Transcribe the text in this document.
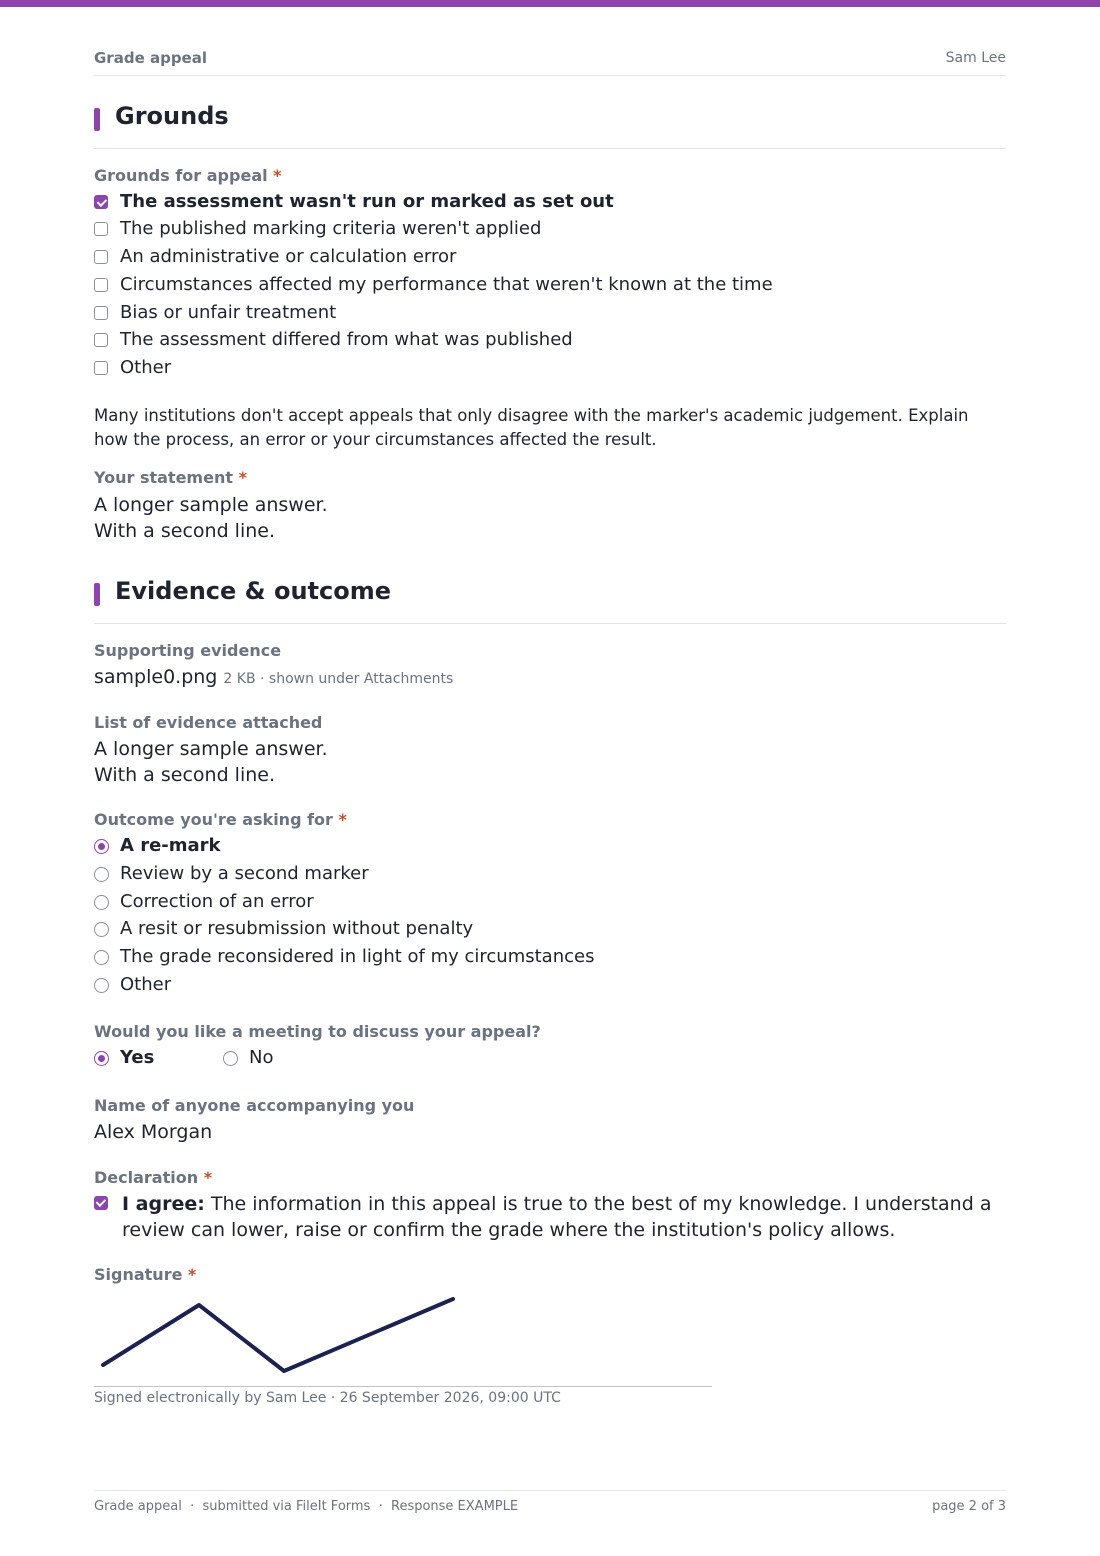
Grade appeal	Sam Lee
Grounds
Grounds for appeal *
The assessment wasn't run or marked as set out
The published marking criteria weren't applied
An administrative or calculation error
Circumstances affected my performance that weren't known at the time
Bias or unfair treatment
The assessment differed from what was published
Other
Many institutions don't accept appeals that only disagree with the marker's academic judgement. Explain how the process, an error or your circumstances affected the result.
Your statement *
A longer sample answer.
With a second line.
Evidence & outcome
Supporting evidence
sample0.png 2 KB · shown under Attachments
List of evidence attached
A longer sample answer.
With a second line.
Outcome you're asking for *
A re-mark
Review by a second marker
Correction of an error
A resit or resubmission without penalty
The grade reconsidered in light of my circumstances
Other
Would you like a meeting to discuss your appeal?
Yes	No
Name of anyone accompanying you
Alex Morgan
Declaration *
I agree: The information in this appeal is true to the best of my knowledge. I understand a review can lower, raise or confirm the grade where the institution's policy allows.
Signature *
Signed electronically by Sam Lee · 26 September 2026, 09:00 UTC
Grade appeal  ·  submitted via FileIt Forms  ·  Response EXAMPLE	page 2 of 3
